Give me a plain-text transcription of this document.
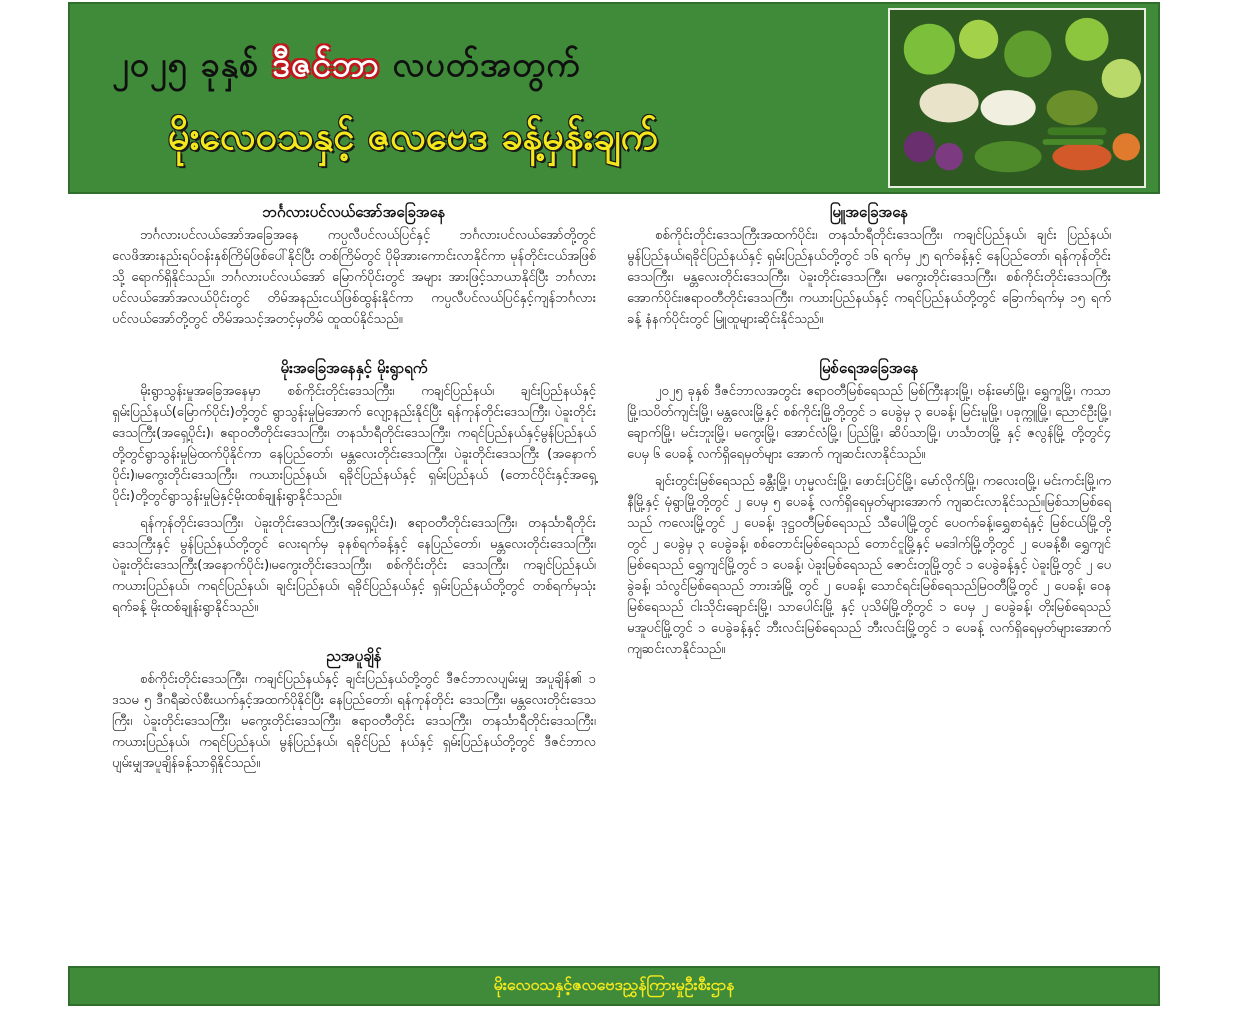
၂၀၂၅ ခုနှစ် ဒီဇင်ဘာ လပတ်အတွက်
မိုးလေဝသနှင့် ဇလဗေဒ ခန့်မှန်းချက်
ဘင်္ဂလားပင်လယ်အော်အခြေအနေ

ဘင်္ဂလားပင်လယ်အော်အခြေအနေ ကပ္ပလီပင်လယ်ပြင်နှင့် ဘင်္ဂလားပင်လယ်အော်တို့တွင် လေဖိအားနည်းရပ်ဝန်းနှစ်ကြိမ်ဖြစ်ပေါ်နိုင်ပြီး တစ်ကြိမ်တွင် ပိုမိုအားကောင်းလာနိုင်ကာ မုန်တိုင်းငယ်အဖြစ်သို့ ရောက်ရှိနိုင်သည်။ ဘင်္ဂလားပင်လယ်အော် မြောက်ပိုင်းတွင် အများ အားဖြင့်သာယာနိုင်ပြီး ဘင်္ဂလားပင်လယ်အော်အလယ်ပိုင်းတွင် တိမ်အနည်းငယ်ဖြစ်ထွန်းနိုင်ကာ ကပ္ပလီပင်လယ်ပြင်နှင့်ကျန်ဘင်္ဂလားပင်လယ်အော်တို့တွင် တိမ်အသင့်အတင့်မှတိမ် ထူထပ်နိုင်သည်။

မိုးအခြေအနေနှင့် မိုးရွာရက်

မိုးရွာသွန်းမှုအခြေအနေမှာ စစ်ကိုင်းတိုင်းဒေသကြီး၊ ကချင်ပြည်နယ်၊ ချင်းပြည်နယ်နှင့် ရှမ်းပြည်နယ်(မြောက်ပိုင်း)တို့တွင် ရွာသွန်းမှုမြဲအောက် လျော့နည်းနိုင်ပြီး ရန်ကုန်တိုင်းဒေသကြီး၊ ပဲခူးတိုင်းဒေသကြီး(အရှေ့ပိုင်း)၊ ဧရာဝတီတိုင်းဒေသကြီး၊ တနင်္သာရီတိုင်းဒေသကြီး၊ ကရင်ပြည်နယ်နှင့်မွန်ပြည်နယ်တို့တွင်ရွာသွန်းမှုမြဲထက်ပိုနိုင်ကာ နေပြည်တော်၊ မန္တလေးတိုင်းဒေသကြီး၊ ပဲခူးတိုင်းဒေသကြီး (အနောက်ပိုင်း)၊မကွေးတိုင်းဒေသကြီး၊ ကယားပြည်နယ်၊ ရခိုင်ပြည်နယ်နှင့် ရှမ်းပြည်နယ် (တောင်ပိုင်းနှင့်အရှေ့ပိုင်း)တို့တွင်ရွာသွန်းမှုမြဲနှင့်မိုးထစ်ချုန်းရွာနိုင်သည်။

ရန်ကုန်တိုင်းဒေသကြီး၊ ပဲခူးတိုင်းဒေသကြီး(အရှေ့ပိုင်း)၊ ဧရာဝတီတိုင်းဒေသကြီး၊ တနင်္သာရီတိုင်းဒေသကြီးနှင့် မွန်ပြည်နယ်တို့တွင် လေးရက်မှ ခုနစ်ရက်ခန့်နှင့် နေပြည်တော်၊ မန္တလေးတိုင်းဒေသကြီး၊ပဲခူးတိုင်းဒေသကြီး(အနောက်ပိုင်း)၊မကွေးတိုင်းဒေသကြီး၊ စစ်ကိုင်းတိုင်း ဒေသကြီး၊ ကချင်ပြည်နယ်၊ကယားပြည်နယ်၊ ကရင်ပြည်နယ်၊ ချင်းပြည်နယ်၊ ရခိုင်ပြည်နယ်နှင့် ရှမ်းပြည်နယ်တို့တွင် တစ်ရက်မှသုံးရက်ခန့် မိုးထစ်ချုန်းရွာနိုင်သည်။

ညအပူချိန်

စစ်ကိုင်းတိုင်းဒေသကြီး၊ ကချင်ပြည်နယ်နှင့် ချင်းပြည်နယ်တို့တွင် ဒီဇင်ဘာလပျမ်းမျှ အပူချိန်၏ ၁ ဒသမ ၅ ဒီဂရီဆဲလ်စီးယက်နှင့်အထက်ပိုနိုင်ပြီး နေပြည်တော်၊ ရန်ကုန်တိုင်း ဒေသကြီး၊ မန္တလေးတိုင်းဒေသကြီး၊ ပဲခူးတိုင်းဒေသကြီး၊ မကွေးတိုင်းဒေသကြီး၊ ဧရာဝတီတိုင်း ဒေသကြီး၊ တနင်္သာရီတိုင်းဒေသကြီး၊ကယားပြည်နယ်၊ ကရင်ပြည်နယ်၊ မွန်ပြည်နယ်၊ ရခိုင်ပြည် နယ်နှင့် ရှမ်းပြည်နယ်တို့တွင် ဒီဇင်ဘာလ ပျမ်းမျှအပူချိန်ခန့်သာရှိနိုင်သည်။

မြူအခြေအနေ

စစ်ကိုင်းတိုင်းဒေသကြီးအထက်ပိုင်း၊ တနင်္သာရီတိုင်းဒေသကြီး၊ ကချင်ပြည်နယ်၊ ချင်း ပြည်နယ်၊ မွန်ပြည်နယ်၊ရခိုင်ပြည်နယ်နှင့် ရှမ်းပြည်နယ်တို့တွင် ၁၆ ရက်မှ ၂၅ ရက်ခန့်နှင့် နေပြည်တော်၊ ရန်ကုန်တိုင်းဒေသကြီး၊ မန္တလေးတိုင်းဒေသကြီး၊ ပဲခူးတိုင်းဒေသကြီး၊ မကွေးတိုင်းဒေသကြီး၊ စစ်ကိုင်းတိုင်းဒေသကြီးအောက်ပိုင်း၊ဧရာဝတီတိုင်းဒေသကြီး၊ ကယားပြည်နယ်နှင့် ကရင်ပြည်နယ်တို့တွင် ခြောက်ရက်မှ ၁၅ ရက်ခန့် နံနက်ပိုင်းတွင် မြူထူများဆိုင်းနိုင်သည်။

မြစ်ရေအခြေအနေ

၂၀၂၅ ခုနှစ် ဒီဇင်ဘာလအတွင်း ဧရာဝတီမြစ်ရေသည် မြစ်ကြီးနားမြို့၊ ဗန်းမော်မြို့၊ ရွှေကူမြို့၊ ကသာမြို့၊သပိတ်ကျင်းမြို့၊ မန္တလေးမြို့နှင့် စစ်ကိုင်းမြို့တို့တွင် ၁ ပေခွဲမှ ၃ ပေခန့်၊ မြင်းမူမြို့၊ ပခုက္ကူမြို့၊ ညောင်ဦးမြို့၊ ချောက်မြို့၊ မင်းဘူးမြို့၊ မကွေးမြို့၊ အောင်လံမြို့၊ ပြည်မြို့၊ ဆိပ်သာမြို့၊ ဟင်္သာတမြို့ နှင့် ဇလွန်မြို့ တို့တွင်၄ ပေမှ ၆ ပေခန့် လက်ရှိရေမှတ်များ အောက် ကျဆင်းလာနိုင်သည်။

ချင်းတွင်းမြစ်ရေသည် ခန္တီးမြို့၊ ဟုမ္မလင်းမြို့၊ ဖောင်းပြင်မြို့၊ မော်လိုက်မြို့၊ ကလေးဝမြို့၊ မင်းကင်းမြို့၊ကနီမြို့နှင့် မုံရွာမြို့တို့တွင် ၂ ပေမှ ၅ ပေခန့် လက်ရှိရေမှတ်များအောက် ကျဆင်းလာနိုင်သည်။မြစ်သာမြစ်ရေသည် ကလေးမြို့တွင် ၂ ပေခန့်၊ ဒုဋ္ဌဝတီမြစ်ရေသည် သီပေါမြို့တွင် ပေဝက်ခန့်၊ရွှေစာရံနှင့် မြစ်ငယ်မြို့တို့တွင် ၂ ပေခွဲမှ ၃ ပေခွဲခန့်၊ စစ်တောင်းမြစ်ရေသည် တောင်ငူမြို့နှင့် မဒေါက်မြို့တို့တွင် ၂ ပေခန့်စီ၊ ရွှေကျင်မြစ်ရေသည် ရွှေကျင်မြို့တွင် ၁ ပေခန့်၊ ပဲခူးမြစ်ရေသည် ဇောင်းတူမြို့တွင် ၁ ပေခွဲခန့်နှင့် ပဲခူးမြို့တွင် ၂ ပေခွဲခန့်၊ သံလွင်မြစ်ရေသည် ဘားအံမြို့ တွင် ၂ ပေခန့်၊ သောင်ရင်းမြစ်ရေသည်မြဝတီမြို့တွင် ၂ ပေခန့်၊ ဝေနမြစ်ရေသည် ငါးသိုင်းချောင်းမြို့၊ သာပေါင်းမြို့ နှင့် ပုသိမ်မြို့တို့တွင် ၁ ပေမှ ၂ ပေခွဲခန့်၊ တိုးမြစ်ရေသည် မအူပင်မြို့တွင် ၁ ပေခွဲခန့်နှင့် ဘီးလင်းမြစ်ရေသည် ဘီးလင်းမြို့တွင် ၁ ပေခန့် လက်ရှိရေမှတ်များအောက် ကျဆင်းလာနိုင်သည်။

မိုးလေဝသနှင့်ဇလဗေဒညွှန်ကြားမှုဦးစီးဌာန
